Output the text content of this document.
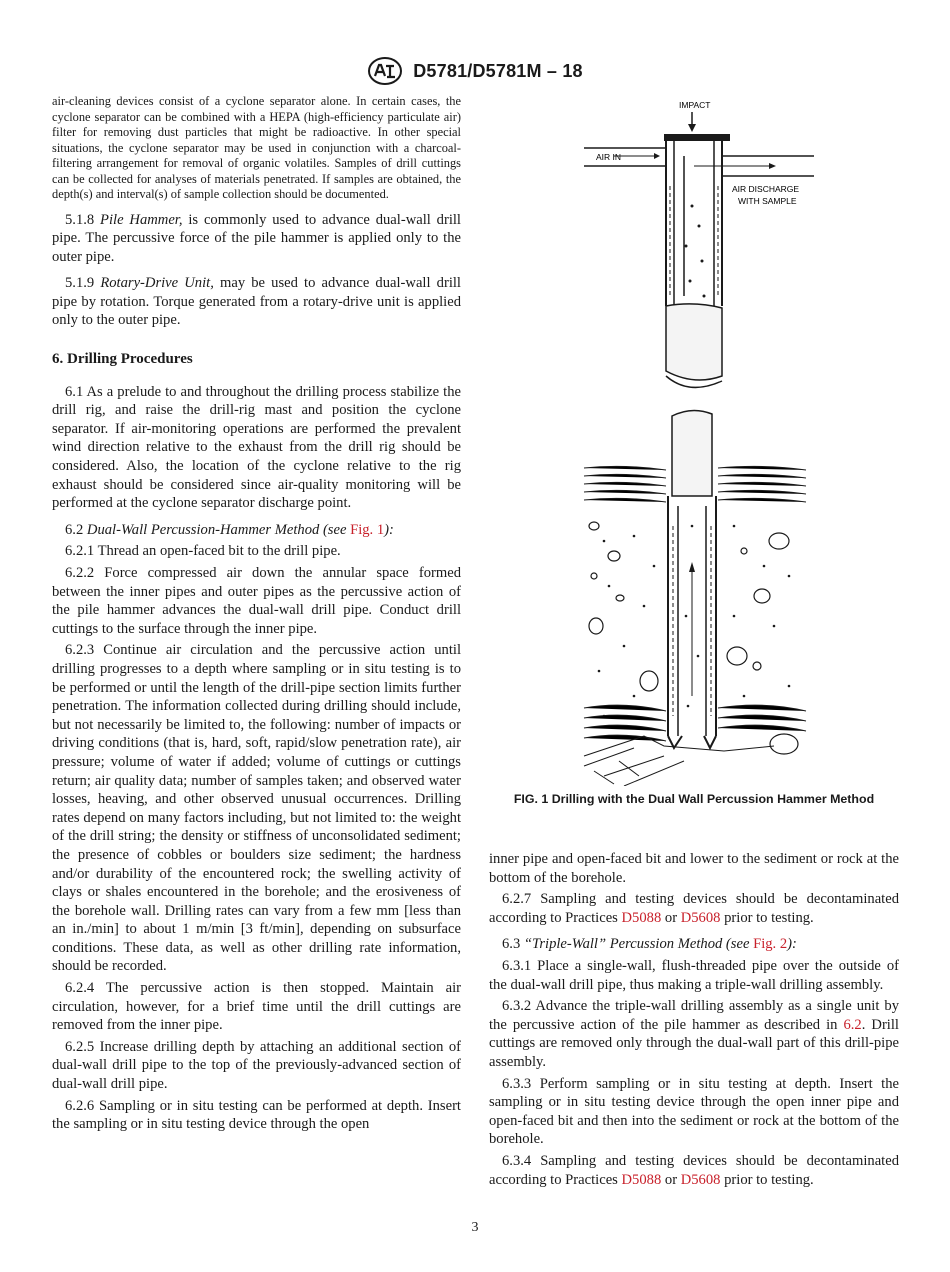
D5781/D5781M – 18

air-cleaning devices consist of a cyclone separator alone. In certain cases, the cyclone separator can be combined with a HEPA (high-efficiency particulate air) filter for removing dust particles that might be radioactive. In other special situations, the cyclone separator may be used in conjunction with a charcoal-filtering arrangement for removal of organic volatiles. Samples of drill cuttings can be collected for analyses of materials penetrated. If samples are obtained, the depth(s) and interval(s) of sample collection should be documented.

5.1.8 Pile Hammer, is commonly used to advance dual-wall drill pipe. The percussive force of the pile hammer is applied only to the outer pipe.

5.1.9 Rotary-Drive Unit, may be used to advance dual-wall drill pipe by rotation. Torque generated from a rotary-drive unit is applied only to the outer pipe.

6. Drilling Procedures

6.1 As a prelude to and throughout the drilling process stabilize the drill rig, and raise the drill-rig mast and position the cyclone separator. If air-monitoring operations are performed the prevalent wind direction relative to the exhaust from the drill rig should be considered. Also, the location of the cyclone relative to the rig exhaust should be considered since air-quality monitoring will be performed at the cyclone separator discharge point.

6.2 Dual-Wall Percussion-Hammer Method (see Fig. 1):

6.2.1 Thread an open-faced bit to the drill pipe.

6.2.2 Force compressed air down the annular space formed between the inner pipes and outer pipes as the percussive action of the pile hammer advances the dual-wall drill pipe. Conduct drill cuttings to the surface through the inner pipe.

6.2.3 Continue air circulation and the percussive action until drilling progresses to a depth where sampling or in situ testing is to be performed or until the length of the drill-pipe section limits further penetration. The information collected during drilling should include, but not necessarily be limited to, the following: number of impacts or driving conditions (that is, hard, soft, rapid/slow penetration rate), air pressure; volume of water if added; volume of cuttings or cuttings return; air quality data; number of samples taken; and observed water losses, heaving, and other observed unusual occurrences. Drilling rates depend on many factors including, but not limited to: the weight of the drill string; the density or stiffness of unconsolidated sediment; the presence of cobbles or boulders size sediment; the hardness and/or durability of the encountered rock; the swelling activity of clays or shales encountered in the borehole; and the erosiveness of the borehole wall. Drilling rates can vary from a few mm [less than an in./min] to about 1 m/min [3 ft/min], depending on subsurface conditions. These data, as well as other drilling rate information, should be recorded.

6.2.4 The percussive action is then stopped. Maintain air circulation, however, for a brief time until the drill cuttings are removed from the inner pipe.

6.2.5 Increase drilling depth by attaching an additional section of dual-wall drill pipe to the top of the previously-advanced section of dual-wall drill pipe.

6.2.6 Sampling or in situ testing can be performed at depth. Insert the sampling or in situ testing device through the open

IMPACT
AIR IN
AIR DISCHARGE
WITH SAMPLE
FIG. 1 Drilling with the Dual Wall Percussion Hammer Method

inner pipe and open-faced bit and lower to the sediment or rock at the bottom of the borehole.

6.2.7 Sampling and testing devices should be decontaminated according to Practices D5088 or D5608 prior to testing.

6.3 “Triple-Wall” Percussion Method (see Fig. 2):

6.3.1 Place a single-wall, flush-threaded pipe over the outside of the dual-wall drill pipe, thus making a triple-wall drilling assembly.

6.3.2 Advance the triple-wall drilling assembly as a single unit by the percussive action of the pile hammer as described in 6.2. Drill cuttings are removed only through the dual-wall part of this drill-pipe assembly.

6.3.3 Perform sampling or in situ testing at depth. Insert the sampling or in situ testing device through the open inner pipe and open-faced bit and then into the sediment or rock at the bottom of the borehole.

6.3.4 Sampling and testing devices should be decontaminated according to Practices D5088 or D5608 prior to testing.

3
